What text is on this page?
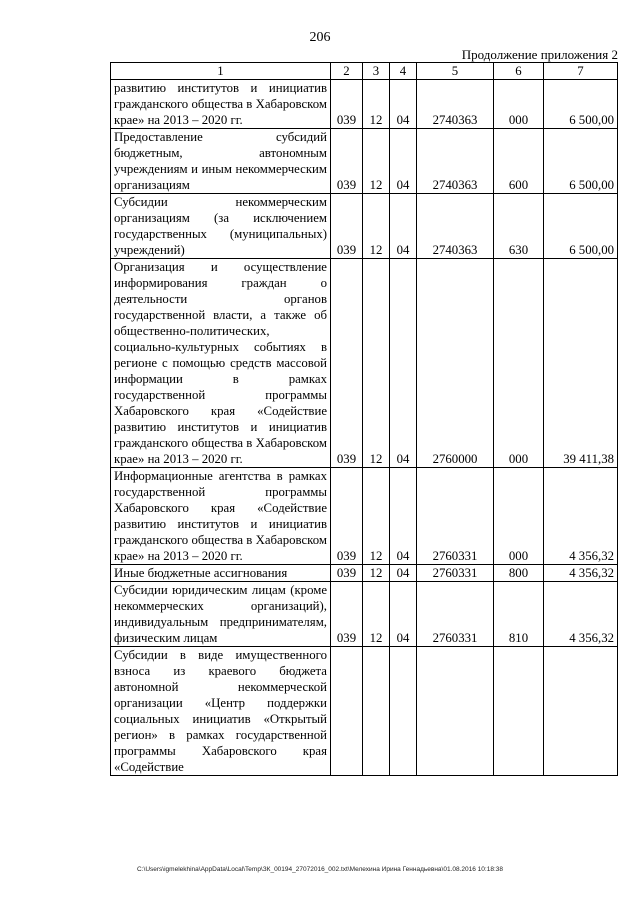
206
Продолжение приложения 2
1	2	3	4	5	6	7
развитию институтов и инициатив гражданского общества в Хабаровском крае» на 2013 – 2020 гг.	039	12	04	2740363	000	6 500,00
Предоставление субсидий бюджетным, автономным учреждениям и иным некоммерческим организациям	039	12	04	2740363	600	6 500,00
Субсидии некоммерческим организациям (за исключением государственных (муниципальных) учреждений)	039	12	04	2740363	630	6 500,00
Организация и осуществление информирования граждан о деятельности органов государственной власти, а также об общественно-политических, социально-культурных событиях в регионе с помощью средств массовой информации в рамках государственной программы Хабаровского края «Содействие развитию институтов и инициатив гражданского общества в Хабаровском крае» на 2013 – 2020 гг.	039	12	04	2760000	000	39 411,38
Информационные агентства в рамках государственной программы Хабаровского края «Содействие развитию институтов и инициатив гражданского общества в Хабаровском крае» на 2013 – 2020 гг.	039	12	04	2760331	000	4 356,32
Иные бюджетные ассигнования	039	12	04	2760331	800	4 356,32
Субсидии юридическим лицам (кроме некоммерческих организаций), индивидуальным предпринимателям, физическим лицам	039	12	04	2760331	810	4 356,32
Субсидии в виде имущественного взноса из краевого бюджета автономной некоммерческой организации «Центр поддержки социальных инициатив «Открытый регион» в рамках государственной программы Хабаровского края «Содействие						
C:\Users\igmelekhina\AppData\Local\Temp\ЗК_00194_27072016_002.txt\Мелехина Ирина Геннадьевна\01.08.2016 10:18:38
